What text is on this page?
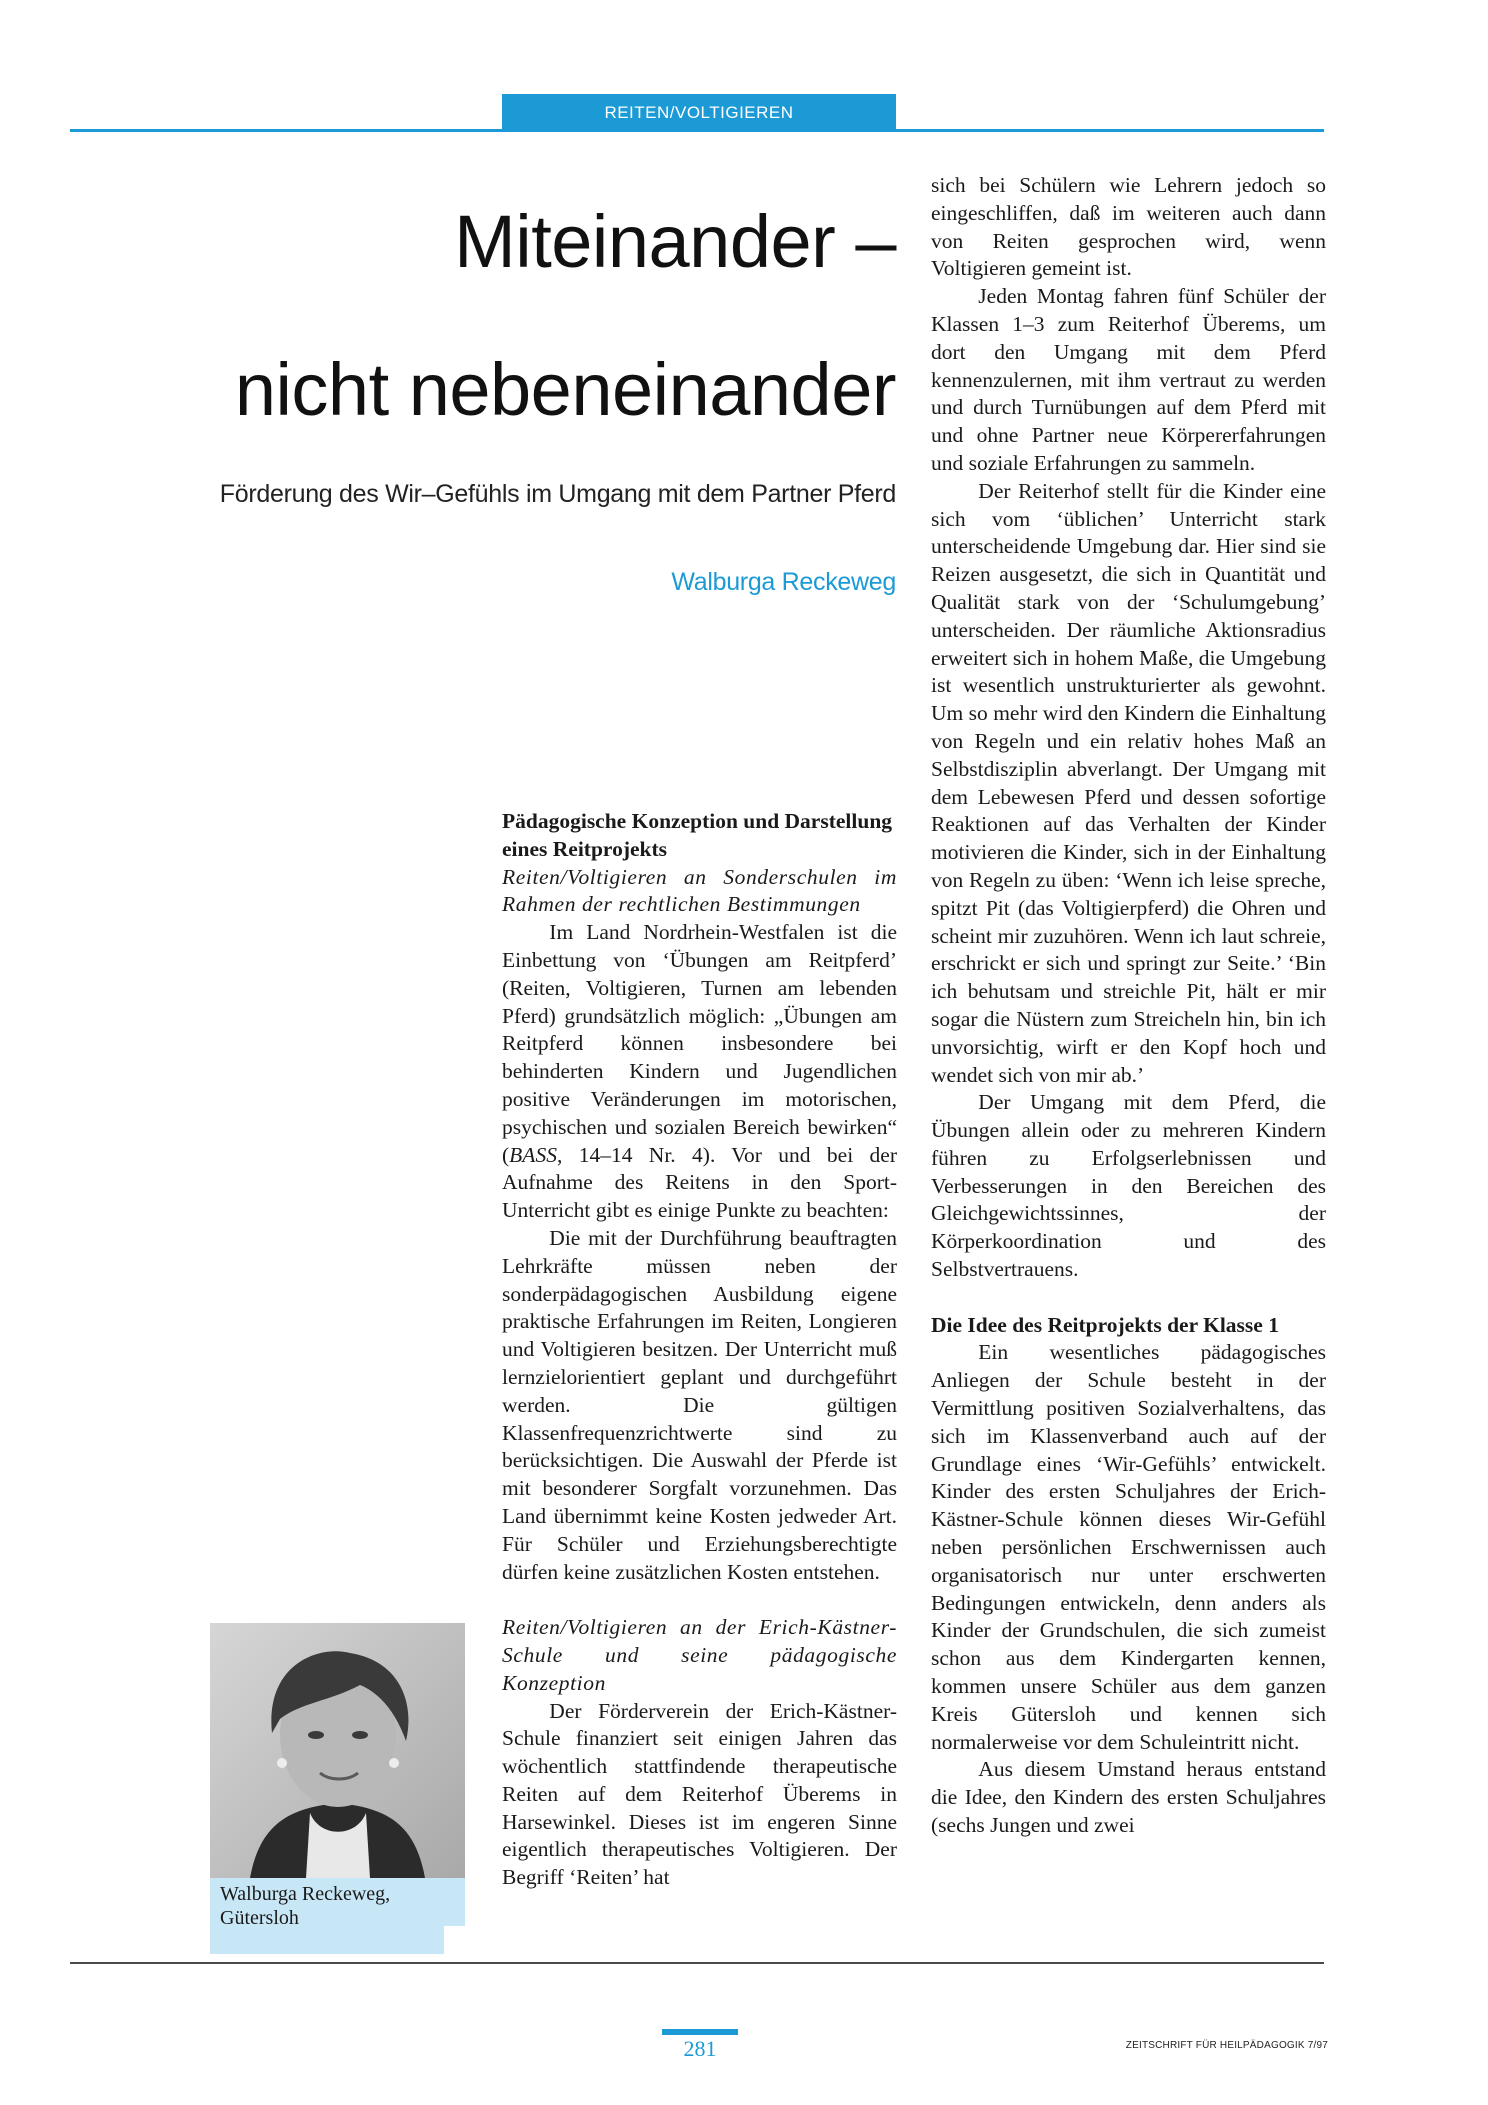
REITEN/VOLTIGIEREN
Miteinander –
nicht nebeneinander
Förderung des Wir–Gefühls im Umgang mit dem Partner Pferd
Walburga Reckeweg
Walburga Reckeweg,
Gütersloh
Pädagogische Konzeption und Darstellung eines Reitprojekts

Reiten/Voltigieren an Sonderschulen im Rahmen der rechtlichen Bestimmungen

Im Land Nordrhein-Westfalen ist die Einbettung von ‘Übungen am Reitpferd’ (Reiten, Voltigieren, Turnen am lebenden Pferd) grundsätzlich möglich: „Übungen am Reitpferd können insbesondere bei behinderten Kindern und Jugendlichen positive Veränderungen im motorischen, psychischen und sozialen Bereich bewirken“ (BASS, 14–14 Nr. 4). Vor und bei der Aufnahme des Reitens in den Sport-Unterricht gibt es einige Punkte zu beachten:

Die mit der Durchführung beauftragten Lehrkräfte müssen neben der sonderpädagogischen Ausbildung eigene praktische Erfahrungen im Reiten, Longieren und Voltigieren besitzen. Der Unterricht muß lernzielorientiert geplant und durchgeführt werden. Die gültigen Klassenfrequenzrichtwerte sind zu berücksichtigen. Die Auswahl der Pferde ist mit besonderer Sorgfalt vorzunehmen. Das Land übernimmt keine Kosten jedweder Art. Für Schüler und Erziehungsberechtigte dürfen keine zusätzlichen Kosten entstehen.

Reiten/Voltigieren an der Erich-Kästner-Schule und seine pädagogische Konzeption

Der Förderverein der Erich-Kästner-Schule finanziert seit einigen Jahren das wöchentlich stattfindende therapeutische Reiten auf dem Reiterhof Überems in Harsewinkel. Dieses ist im engeren Sinne eigentlich therapeutisches Voltigieren. Der Begriff ‘Reiten’ hat

sich bei Schülern wie Lehrern jedoch so eingeschliffen, daß im weiteren auch dann von Reiten gesprochen wird, wenn Voltigieren gemeint ist.

Jeden Montag fahren fünf Schüler der Klassen 1–3 zum Reiterhof Überems, um dort den Umgang mit dem Pferd kennenzulernen, mit ihm vertraut zu werden und durch Turnübungen auf dem Pferd mit und ohne Partner neue Körpererfahrungen und soziale Erfahrungen zu sammeln.

Der Reiterhof stellt für die Kinder eine sich vom ‘üblichen’ Unterricht stark unterscheidende Umgebung dar. Hier sind sie Reizen ausgesetzt, die sich in Quantität und Qualität stark von der ‘Schulumgebung’ unterscheiden. Der räumliche Aktionsradius erweitert sich in hohem Maße, die Umgebung ist wesentlich unstrukturierter als gewohnt. Um so mehr wird den Kindern die Einhaltung von Regeln und ein relativ hohes Maß an Selbstdisziplin abverlangt. Der Umgang mit dem Lebewesen Pferd und dessen sofortige Reaktionen auf das Verhalten der Kinder motivieren die Kinder, sich in der Einhaltung von Regeln zu üben: ‘Wenn ich leise spreche, spitzt Pit (das Voltigierpferd) die Ohren und scheint mir zuzuhören. Wenn ich laut schreie, erschrickt er sich und springt zur Seite.’ ‘Bin ich behutsam und streichle Pit, hält er mir sogar die Nüstern zum Streicheln hin, bin ich unvorsichtig, wirft er den Kopf hoch und wendet sich von mir ab.’

Der Umgang mit dem Pferd, die Übungen allein oder zu mehreren Kindern führen zu Erfolgserlebnissen und Verbesserungen in den Bereichen des Gleichgewichtssinnes, der Körperkoordination und des Selbstvertrauens.

Die Idee des Reitprojekts der Klasse 1

Ein wesentliches pädagogisches Anliegen der Schule besteht in der Vermittlung positiven Sozialverhaltens, das sich im Klassenverband auch auf der Grundlage eines ‘Wir-Gefühls’ entwickelt. Kinder des ersten Schuljahres der Erich-Kästner-Schule können dieses Wir-Gefühl neben persönlichen Erschwernissen auch organisatorisch nur unter erschwerten Bedingungen entwickeln, denn anders als Kinder der Grundschulen, die sich zumeist schon aus dem Kindergarten kennen, kommen unsere Schüler aus dem ganzen Kreis Gütersloh und kennen sich normalerweise vor dem Schuleintritt nicht.

Aus diesem Umstand heraus entstand die Idee, den Kindern des ersten Schuljahres (sechs Jungen und zwei

281	ZEITSCHRIFT FÜR HEILPÄDAGOGIK 7/97
